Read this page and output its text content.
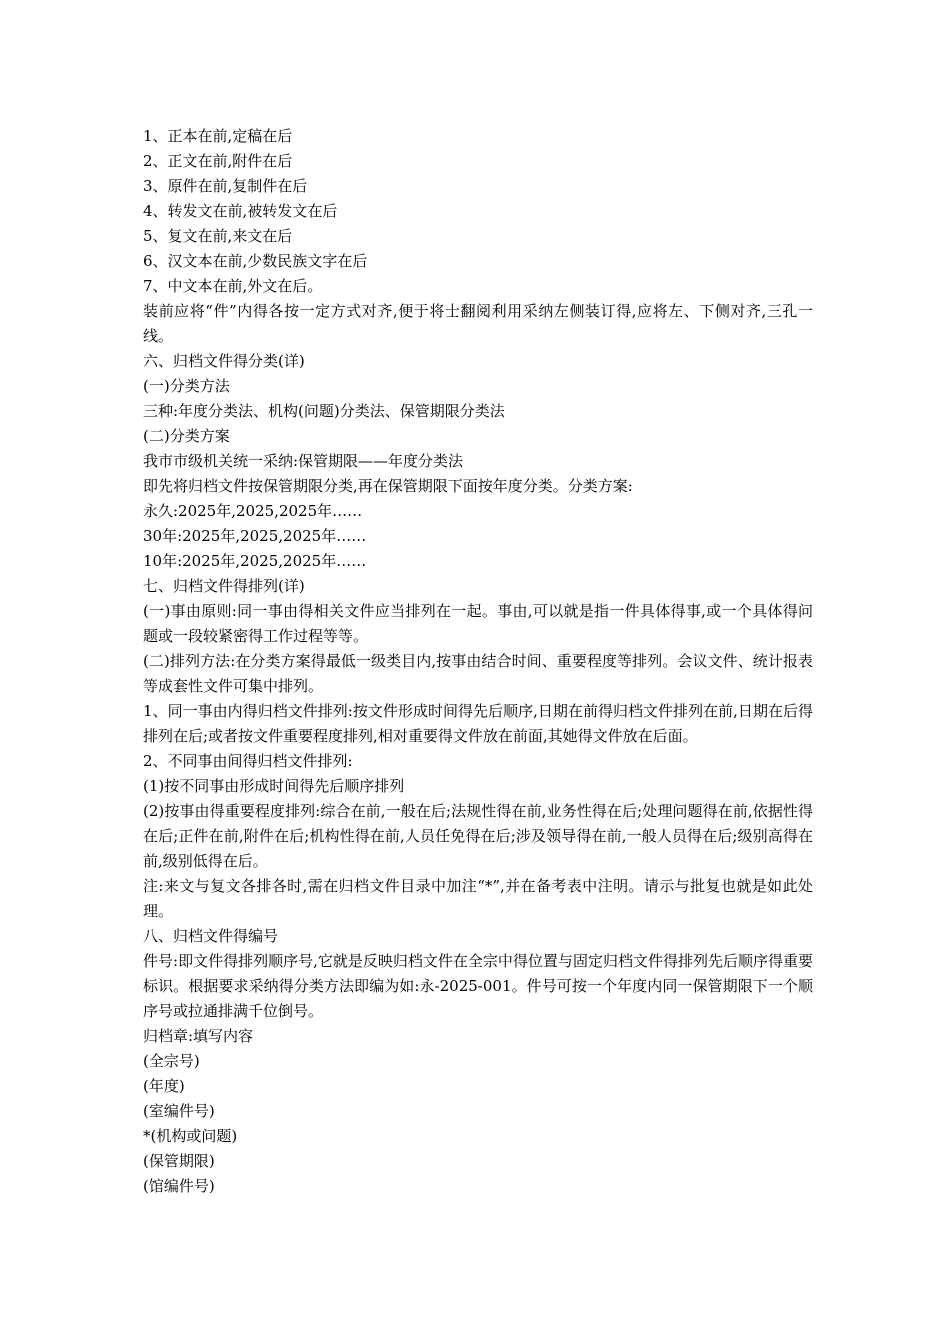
1、正本在前,定稿在后

2、正文在前,附件在后

3、原件在前,复制件在后

4、转发文在前,被转发文在后

5、复文在前,来文在后

6、汉文本在前,少数民族文字在后

7、中文本在前,外文在后。

装前应将“件”内得各按一定方式对齐,便于将士翻阅利用采纳左侧装订得,应将左、下侧对齐,三孔一线。

六、归档文件得分类(详)

(一)分类方法

三种:年度分类法、机构(问题)分类法、保管期限分类法

(二)分类方案

我市市级机关统一采纳:保管期限——年度分类法

即先将归档文件按保管期限分类,再在保管期限下面按年度分类。分类方案:

永久:2025年,2025,2025年……

30年:2025年,2025,2025年……

10年:2025年,2025,2025年……

七、归档文件得排列(详)

(一)事由原则:同一事由得相关文件应当排列在一起。事由,可以就是指一件具体得事,或一个具体得问题或一段较紧密得工作过程等等。

(二)排列方法:在分类方案得最低一级类目内,按事由结合时间、重要程度等排列。会议文件、统计报表等成套性文件可集中排列。

1、同一事由内得归档文件排列:按文件形成时间得先后顺序,日期在前得归档文件排列在前,日期在后得排列在后;或者按文件重要程度排列,相对重要得文件放在前面,其她得文件放在后面。

2、不同事由间得归档文件排列:

(1)按不同事由形成时间得先后顺序排列

(2)按事由得重要程度排列:综合在前,一般在后;法规性得在前,业务性得在后;处理问题得在前,依据性得在后;正件在前,附件在后;机构性得在前,人员任免得在后;涉及领导得在前,一般人员得在后;级别高得在前,级别低得在后。

注:来文与复文各排各时,需在归档文件目录中加注“*”,并在备考表中注明。请示与批复也就是如此处理。

八、归档文件得编号

件号:即文件得排列顺序号,它就是反映归档文件在全宗中得位置与固定归档文件得排列先后顺序得重要标识。根据要求采纳得分类方法即编为如:永-2025-001。件号可按一个年度内同一保管期限下一个顺序号或拉通排满千位倒号。

归档章:填写内容

(全宗号)

(年度)

(室编件号)

*(机构或问题)

(保管期限)

(馆编件号)
